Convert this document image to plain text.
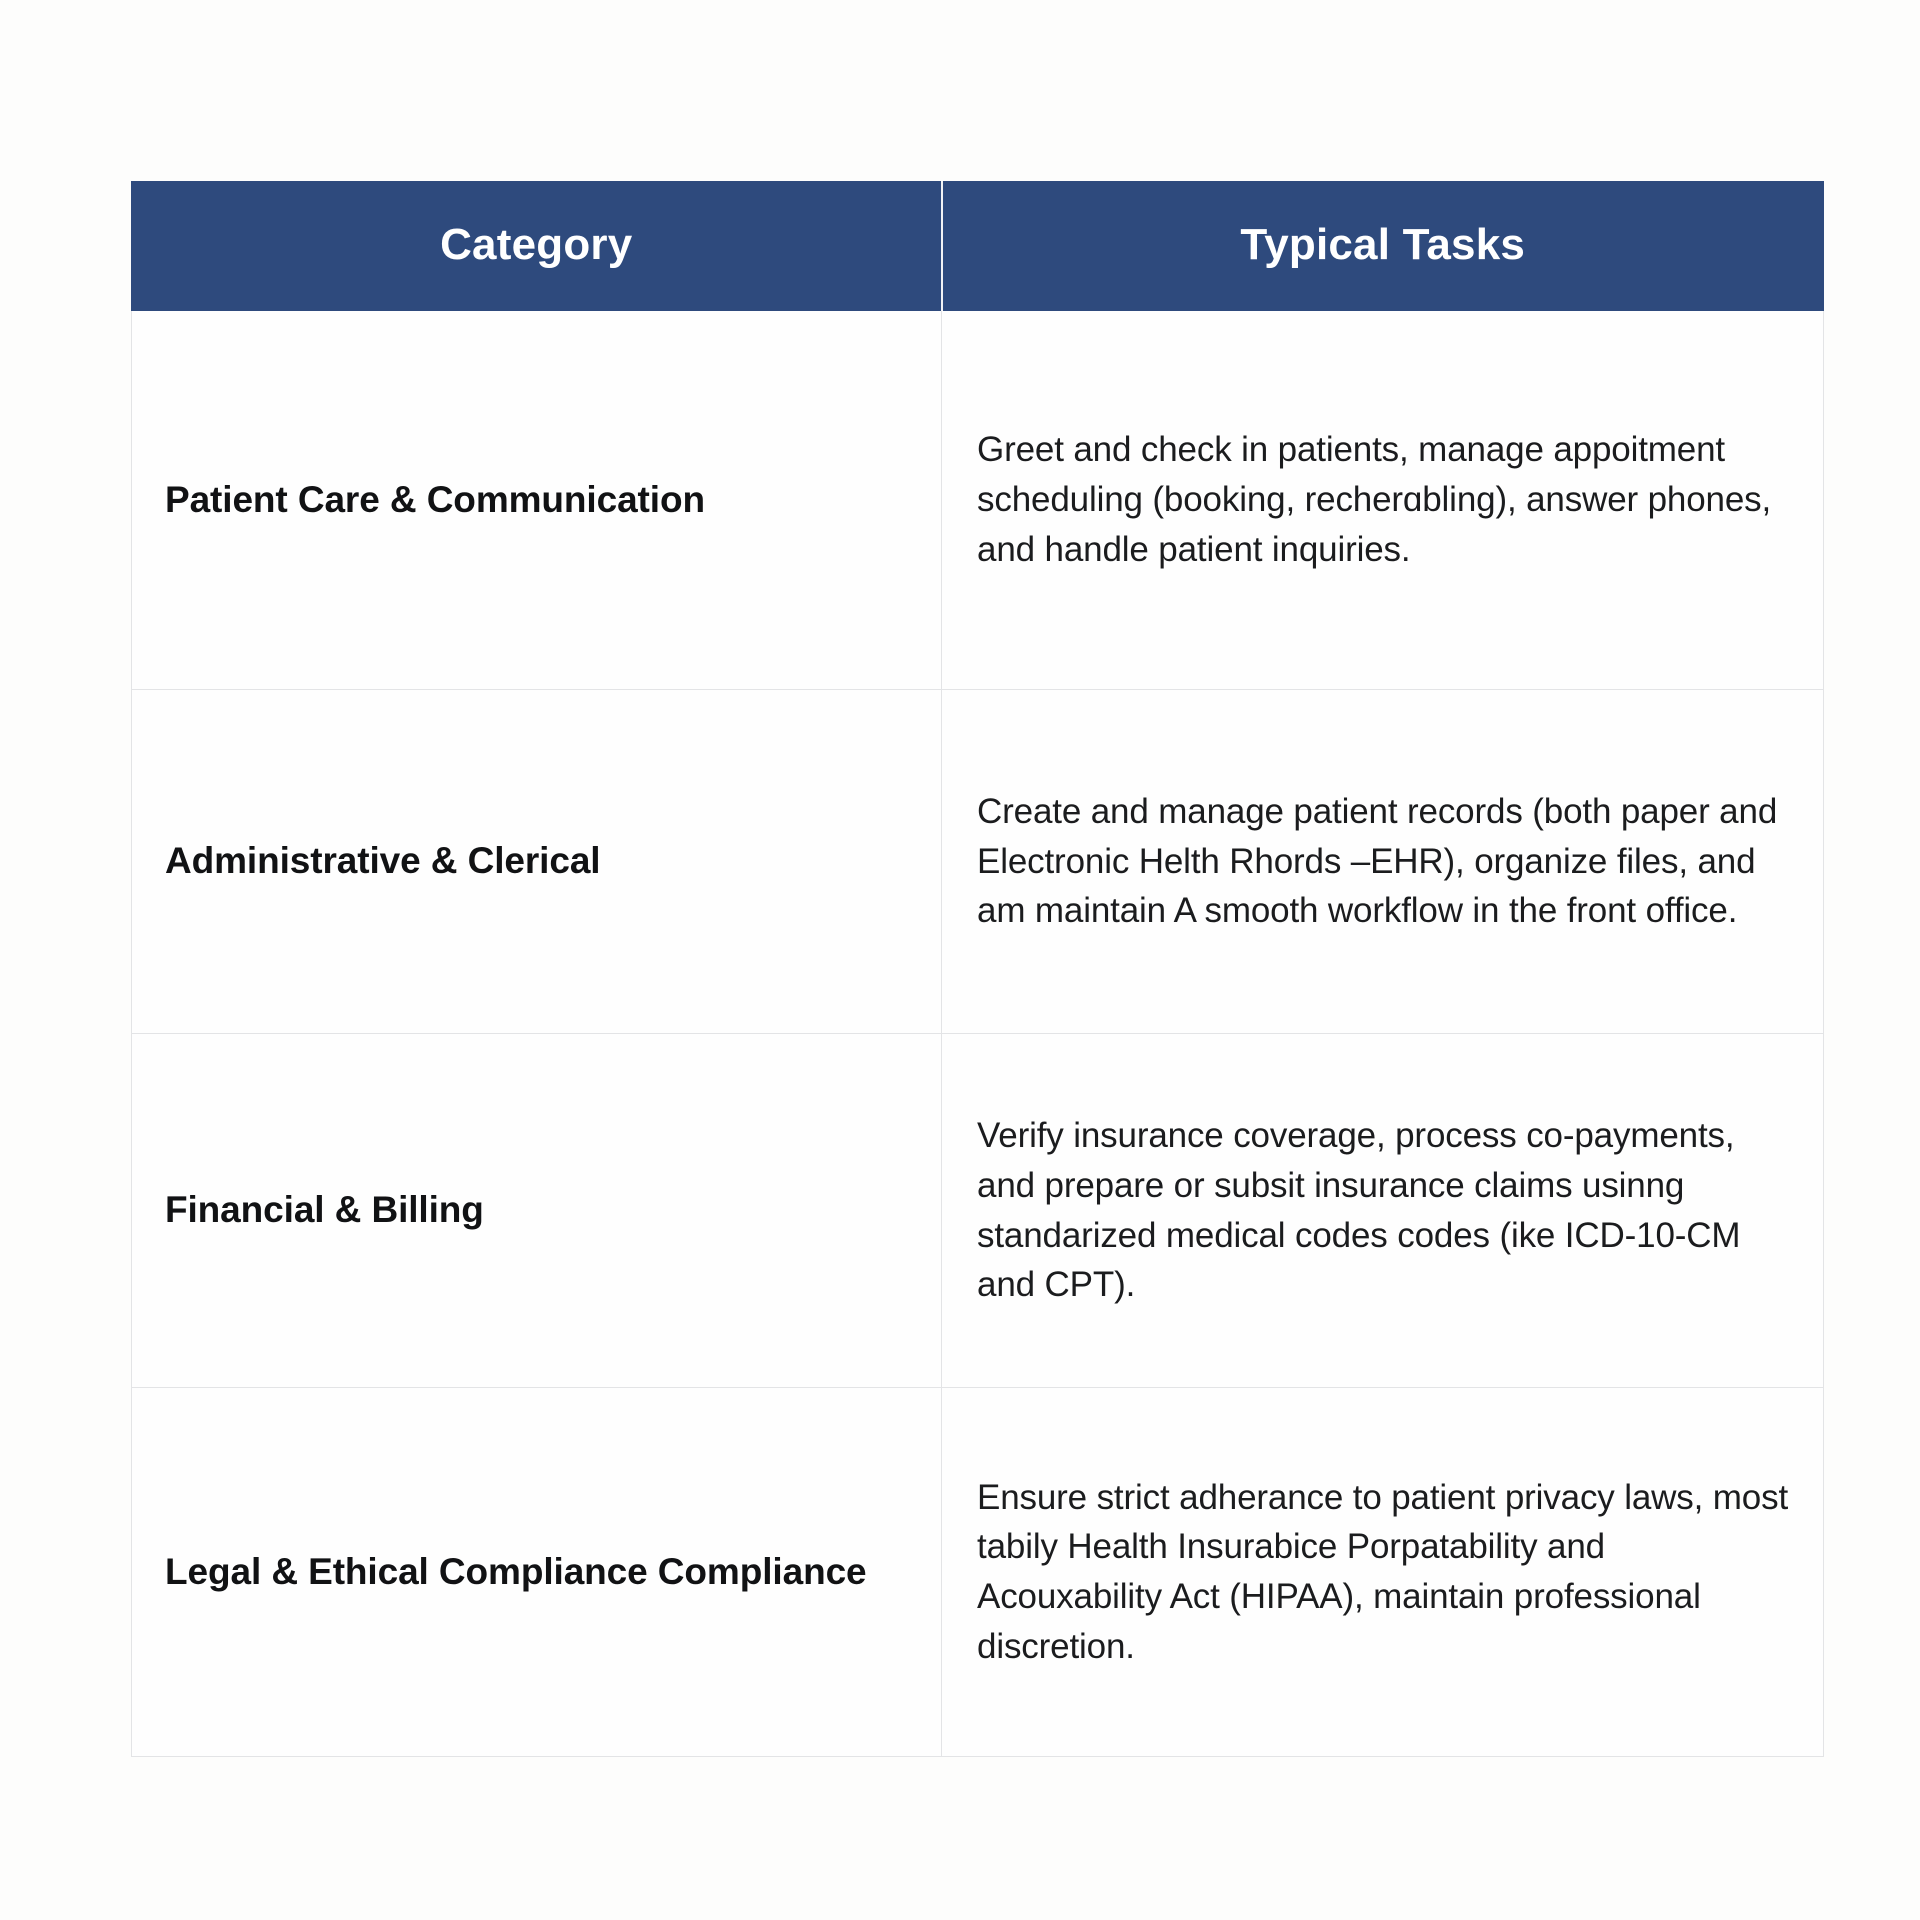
Category	Typical Tasks
Patient Care & Communication	Greet and check in patients, manage appoitment scheduling (booking, recherɑbling), answer phones, and handle patient inquiries.
Administrative & Clerical	Create and manage patient records (both paper and Electronic Helth Rhords –EHR), organize files, and am maintain A smooth workflow in the front office.
Financial & Billing	Verify insurance coverage, process co-payments, and prepare or subsit insurance claims usinng standarized medical codes codes (ike ICD-10-CM and CPT).
Legal & Ethical Compliance Compliance	Ensure strict adherance to patient privacy laws, most tabily Health Insurabice Porpatability and Acouxability Act (HIPAA), maintain professional discretion.
